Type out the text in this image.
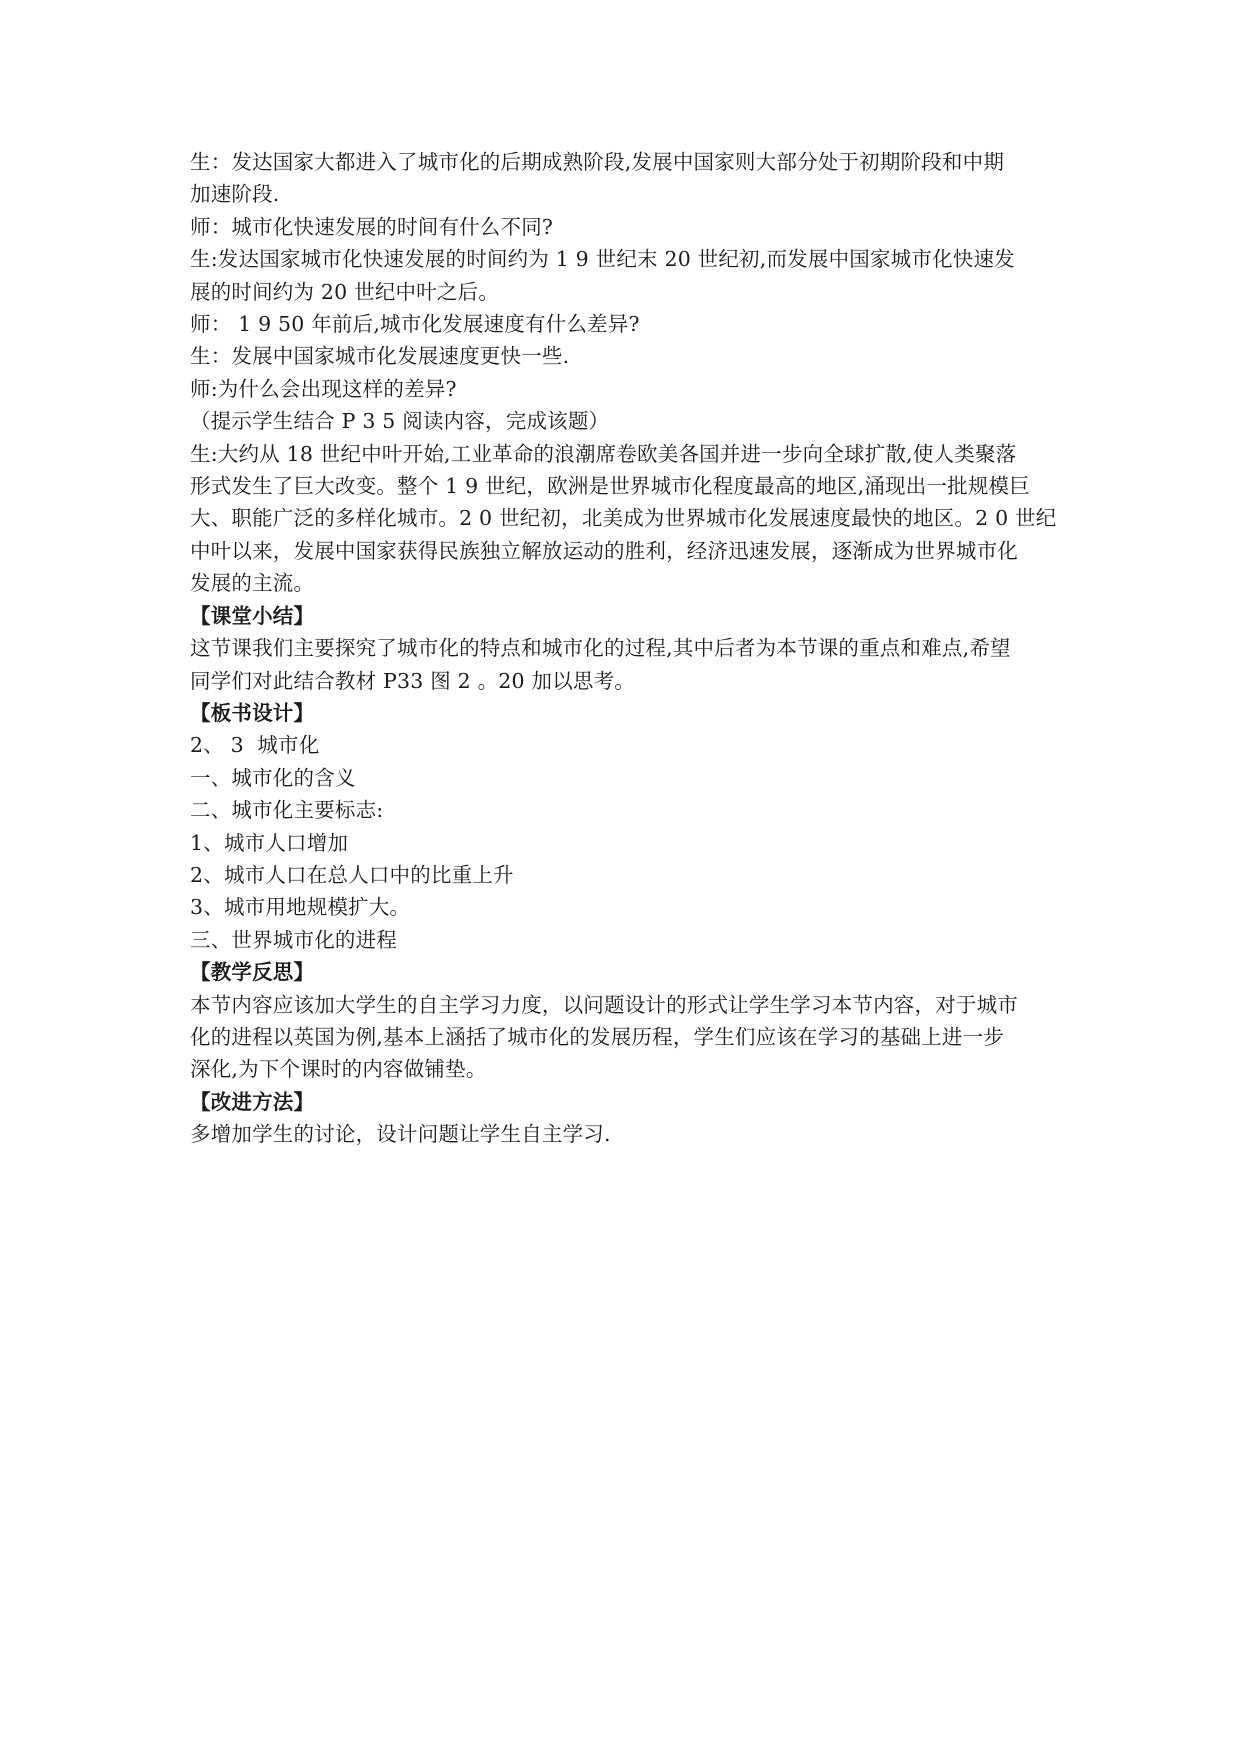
生：发达国家大都进入了城市化的后期成熟阶段,发展中国家则大部分处于初期阶段和中期

加速阶段.

师：城市化快速发展的时间有什么不同?

生:发达国家城市化快速发展的时间约为 1 9 世纪末 20 世纪初,而发展中国家城市化快速发

展的时间约为 20 世纪中叶之后。

师： 1 9 50 年前后,城市化发展速度有什么差异?

生：发展中国家城市化发展速度更快一些.

师:为什么会出现这样的差异?

（提示学生结合 P 3 5 阅读内容，完成该题）

生:大约从 18 世纪中叶开始,工业革命的浪潮席卷欧美各国并进一步向全球扩散,使人类聚落

形式发生了巨大改变。整个 1 9 世纪，欧洲是世界城市化程度最高的地区,涌现出一批规模巨

大、职能广泛的多样化城市。2 0 世纪初，北美成为世界城市化发展速度最快的地区。2 0 世纪

中叶以来，发展中国家获得民族独立解放运动的胜利，经济迅速发展，逐渐成为世界城市化

发展的主流。

【课堂小结】

这节课我们主要探究了城市化的特点和城市化的过程,其中后者为本节课的重点和难点,希望

同学们对此结合教材 P33 图 2 。20 加以思考。

【板书设计】

2、 3  城市化

一、城市化的含义

二、城市化主要标志:

1、城市人口增加

2、城市人口在总人口中的比重上升

3、城市用地规模扩大。

三、世界城市化的进程

【教学反思】

本节内容应该加大学生的自主学习力度，以问题设计的形式让学生学习本节内容，对于城市

化的进程以英国为例,基本上涵括了城市化的发展历程，学生们应该在学习的基础上进一步

深化,为下个课时的内容做铺垫。

【改进方法】

多增加学生的讨论，设计问题让学生自主学习.
